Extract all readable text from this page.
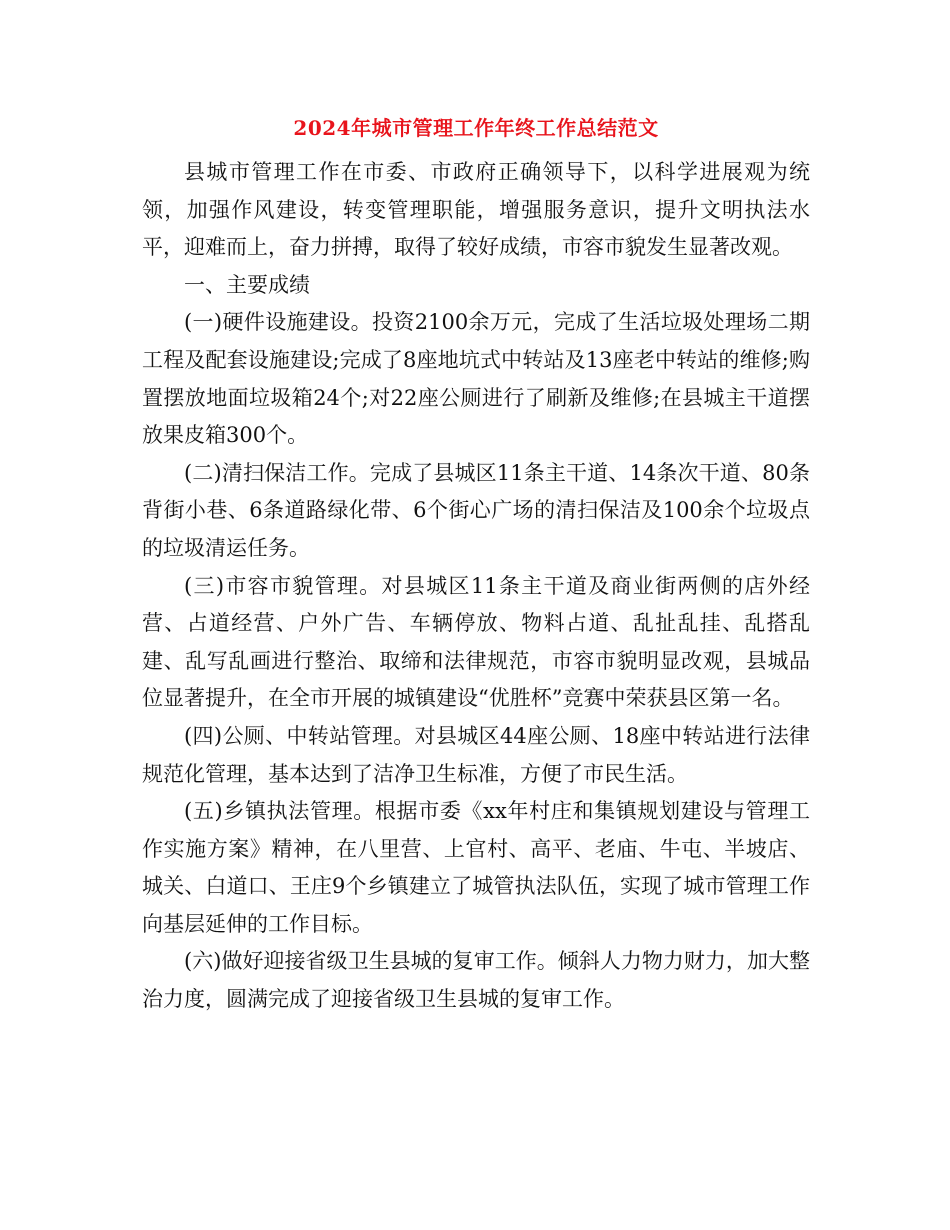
2024年城市管理工作年终工作总结范文

县城市管理工作在市委、市政府正确领导下，以科学进展观为统领，加强作风建设，转变管理职能，增强服务意识，提升文明执法水平，迎难而上，奋力拼搏，取得了较好成绩，市容市貌发生显著改观。

一、主要成绩

(一)硬件设施建设。投资2100余万元，完成了生活垃圾处理场二期工程及配套设施建设;完成了8座地坑式中转站及13座老中转站的维修;购置摆放地面垃圾箱24个;对22座公厕进行了刷新及维修;在县城主干道摆放果皮箱300个。

(二)清扫保洁工作。完成了县城区11条主干道、14条次干道、80条背街小巷、6条道路绿化带、6个街心广场的清扫保洁及100余个垃圾点的垃圾清运任务。

(三)市容市貌管理。对县城区11条主干道及商业街两侧的店外经营、占道经营、户外广告、车辆停放、物料占道、乱扯乱挂、乱搭乱建、乱写乱画进行整治、取缔和法律规范，市容市貌明显改观，县城品位显著提升，在全市开展的城镇建设“优胜杯”竞赛中荣获县区第一名。

(四)公厕、中转站管理。对县城区44座公厕、18座中转站进行法律规范化管理，基本达到了洁净卫生标准，方便了市民生活。

(五)乡镇执法管理。根据市委《xx年村庄和集镇规划建设与管理工作实施方案》精神，在八里营、上官村、高平、老庙、牛屯、半坡店、城关、白道口、王庄9个乡镇建立了城管执法队伍，实现了城市管理工作向基层延伸的工作目标。

(六)做好迎接省级卫生县城的复审工作。倾斜人力物力财力，加大整治力度，圆满完成了迎接省级卫生县城的复审工作。
